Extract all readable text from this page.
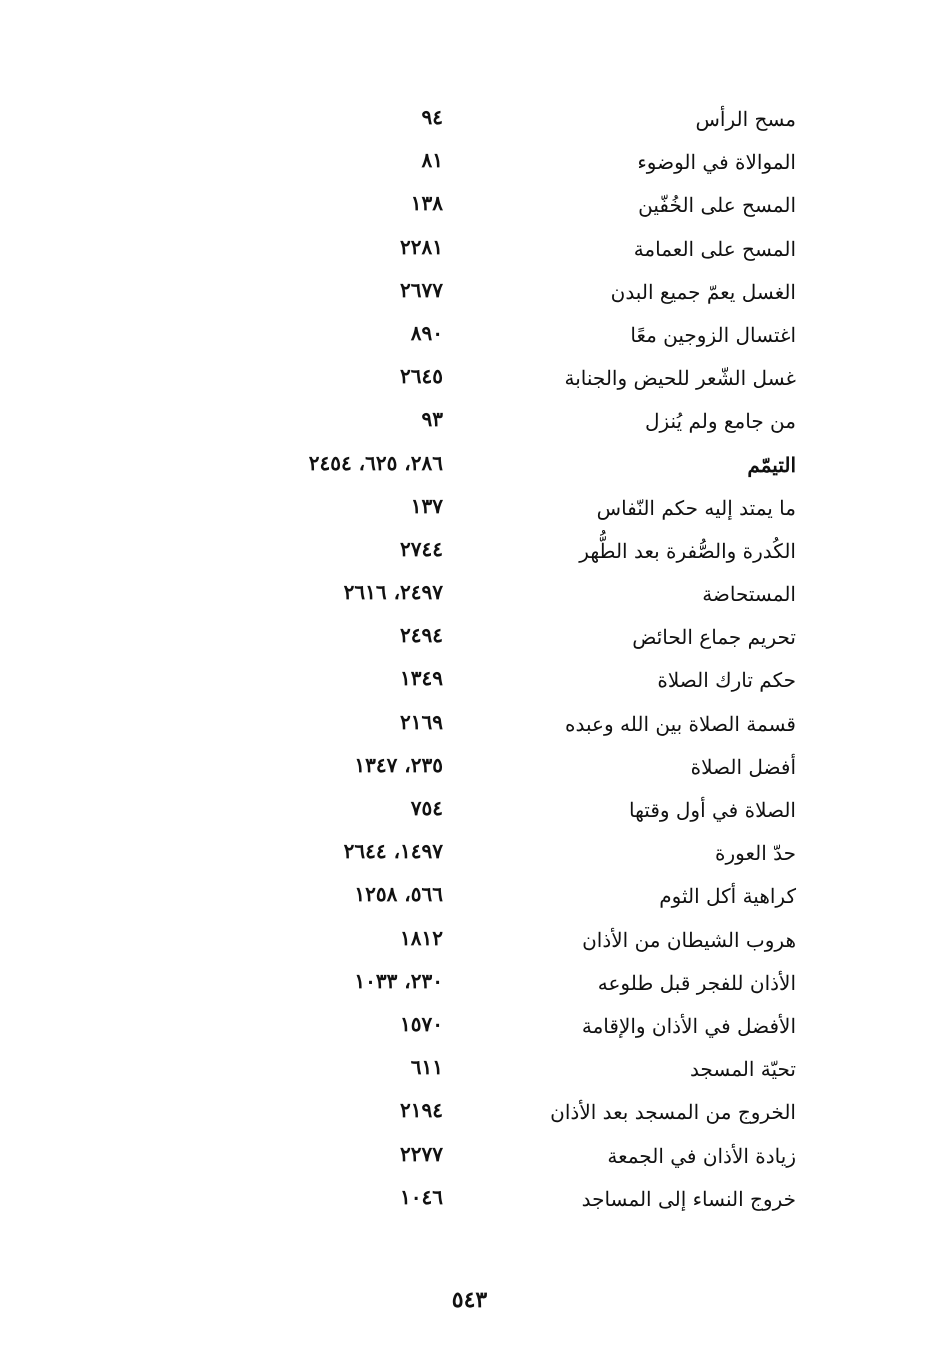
مسح الرأس
٩٤
الموالاة في الوضوء
٨١
المسح على الخُفّين
١٣٨
المسح على العمامة
٢٢٨١
الغسل يعمّ جميع البدن
٢٦٧٧
اغتسال الزوجين معًا
٨٩٠
غسل الشّعر للحيض والجنابة
٢٦٤٥
من جامع ولم يُنزل
٩٣
التيمّم
٢٨٦، ٦٢٥، ٢٤٥٤
ما يمتد إليه حكم النّفاس
١٣٧
الكُدرة والصُّفرة بعد الطُّهر
٢٧٤٤
المستحاضة
٢٤٩٧، ٢٦١٦
تحريم جماع الحائض
٢٤٩٤
حكم تارك الصلاة
١٣٤٩
قسمة الصلاة بين الله وعبده
٢١٦٩
أفضل الصلاة
٢٣٥، ١٣٤٧
الصلاة في أول وقتها
٧٥٤
حدّ العورة
١٤٩٧، ٢٦٤٤
كراهية أكل الثوم
٥٦٦، ١٢٥٨
هروب الشيطان من الأذان
١٨١٢
الأذان للفجر قبل طلوعه
٢٣٠، ١٠٣٣
الأفضل في الأذان والإقامة
١٥٧٠
تحيّة المسجد
٦١١
الخروج من المسجد بعد الأذان
٢١٩٤
زيادة الأذان في الجمعة
٢٢٧٧
خروج النساء إلى المساجد
١٠٤٦
٥٤٣
